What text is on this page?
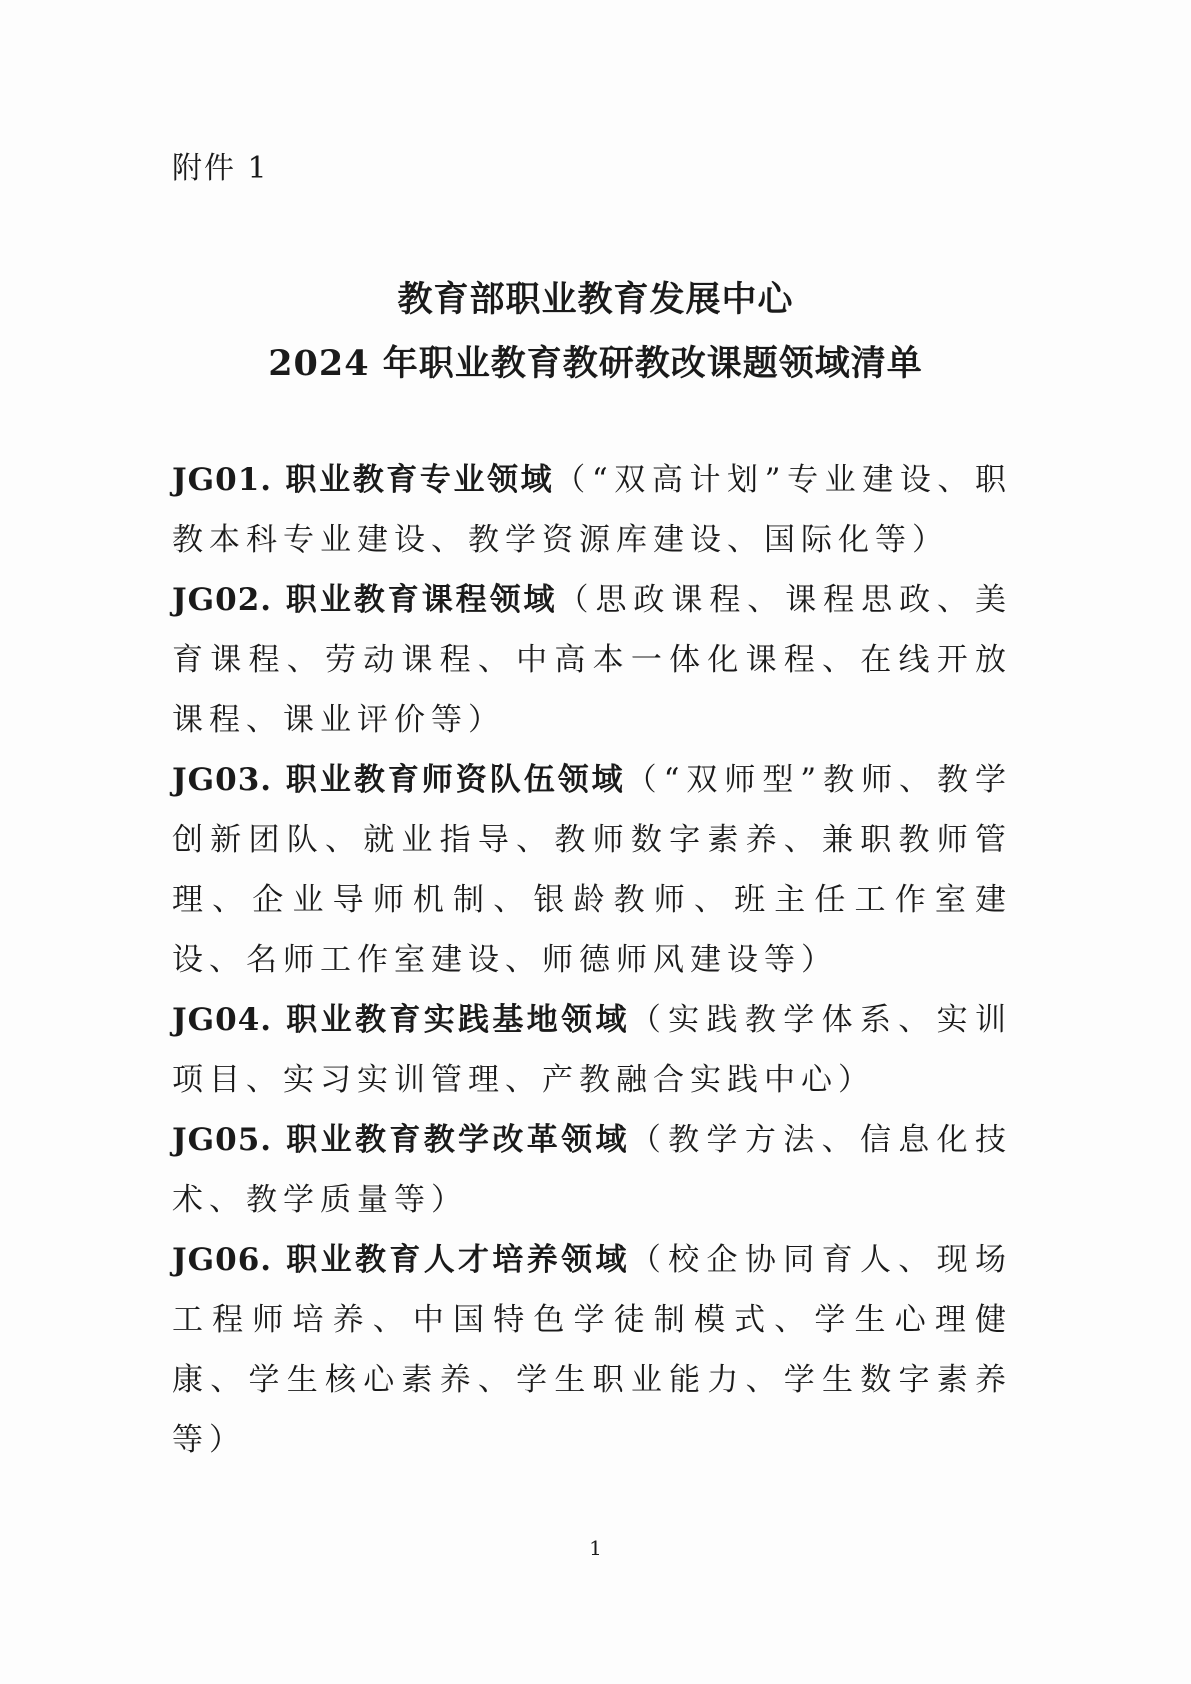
附件 1
教育部职业教育发展中心
2024 年职业教育教研教改课题领域清单

JG01. 职业教育专业领域（“双高计划”专业建设、职教本科专业建设、教学资源库建设、国际化等）

JG02. 职业教育课程领域（思政课程、课程思政、美育课程、劳动课程、中高本一体化课程、在线开放课程、课业评价等）

JG03. 职业教育师资队伍领域（“双师型”教师、教学创新团队、就业指导、教师数字素养、兼职教师管理、企业导师机制、银龄教师、班主任工作室建设、名师工作室建设、师德师风建设等）

JG04. 职业教育实践基地领域（实践教学体系、实训项目、实习实训管理、产教融合实践中心）

JG05. 职业教育教学改革领域（教学方法、信息化技术、教学质量等）

JG06. 职业教育人才培养领域（校企协同育人、现场工程师培养、中国特色学徒制模式、学生心理健康、学生核心素养、学生职业能力、学生数字素养等）

1
